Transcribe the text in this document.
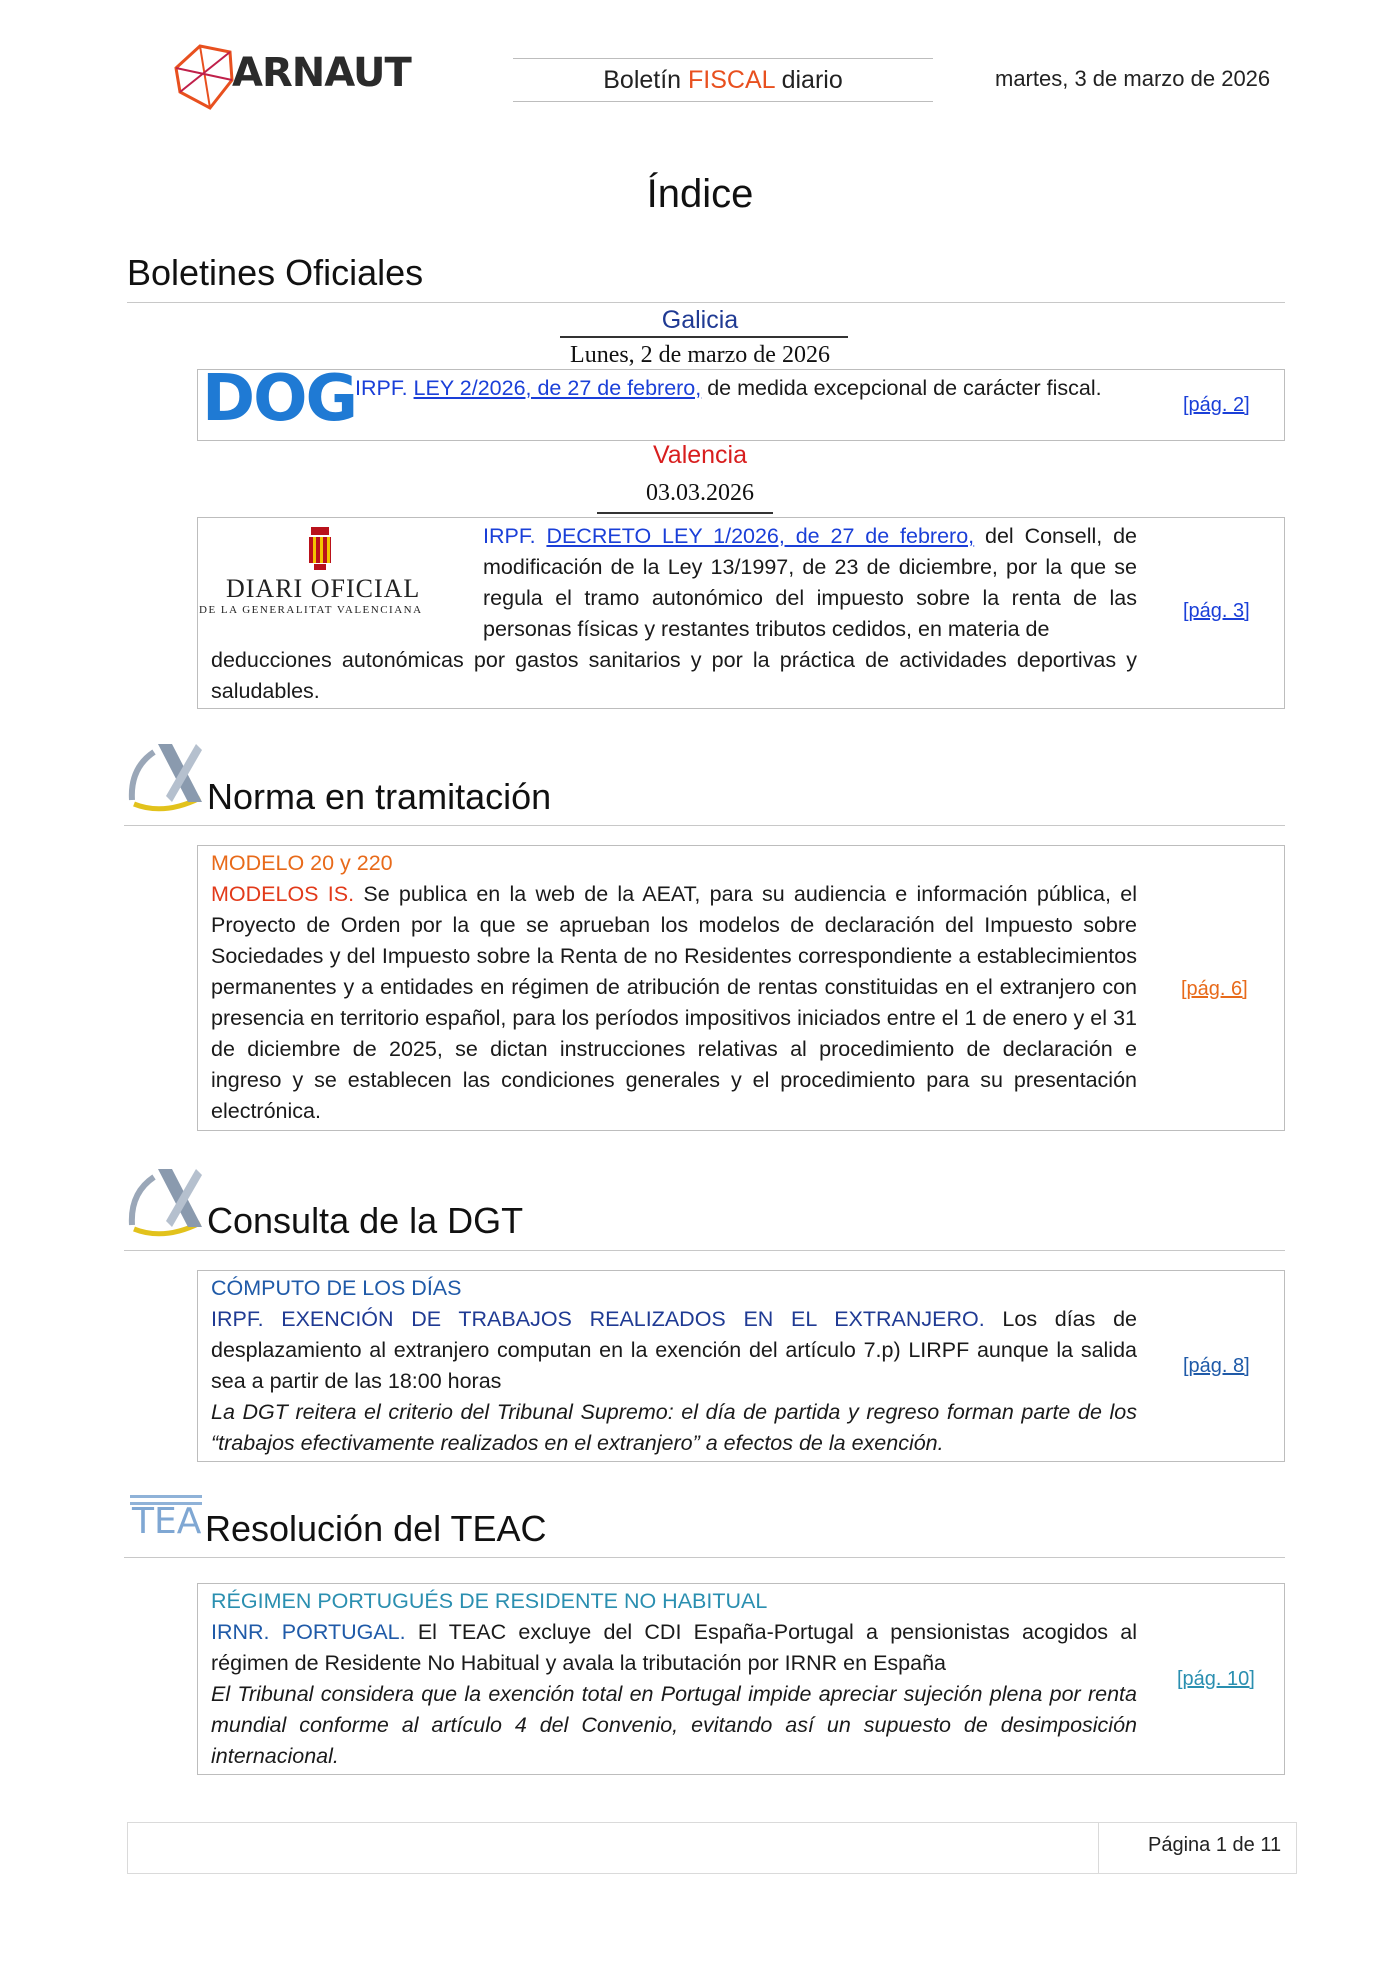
ARNAUT	Boletín FISCAL diario	martes, 3 de marzo de 2026
Índice
Boletines Oficiales
Galicia
Lunes, 2 de marzo de 2026
DOG
IRPF. LEY 2/2026, de 27 de febrero, de medida excepcional de carácter fiscal.
[pág. 2]
Valencia
03.03.2026
DIARI OFICIAL
DE LA GENERALITAT VALENCIANA
IRPF. DECRETO LEY 1/2026, de 27 de febrero, del Consell, de modificación de la Ley 13/1997, de 23 de diciembre, por la que se regula el tramo autonómico del impuesto sobre la renta de las personas físicas y restantes tributos cedidos, en materia de
deducciones autonómicas por gastos sanitarios y por la práctica de actividades deportivas y saludables.
[pág. 3]
Norma en tramitación
MODELO 20 y 220
MODELOS IS. Se publica en la web de la AEAT, para su audiencia e información pública, el Proyecto de Orden por la que se aprueban los modelos de declaración del Impuesto sobre Sociedades y del Impuesto sobre la Renta de no Residentes correspondiente a establecimientos permanentes y a entidades en régimen de atribución de rentas constituidas en el extranjero con presencia en territorio español, para los períodos impositivos iniciados entre el 1 de enero y el 31 de diciembre de 2025, se dictan instrucciones relativas al procedimiento de declaración e ingreso y se establecen las condiciones generales y el procedimiento para su presentación electrónica.
[pág. 6]
Consulta de la DGT
CÓMPUTO DE LOS DÍAS
IRPF. EXENCIÓN DE TRABAJOS REALIZADOS EN EL EXTRANJERO. Los días de desplazamiento al extranjero computan en la exención del artículo 7.p) LIRPF aunque la salida sea a partir de las 18:00 horas
La DGT reitera el criterio del Tribunal Supremo: el día de partida y regreso forman parte de los “trabajos efectivamente realizados en el extranjero” a efectos de la exención.
[pág. 8]
TEA Resolución del TEAC
RÉGIMEN PORTUGUÉS DE RESIDENTE NO HABITUAL
IRNR. PORTUGAL. El TEAC excluye del CDI España-Portugal a pensionistas acogidos al régimen de Residente No Habitual y avala la tributación por IRNR en España
El Tribunal considera que la exención total en Portugal impide apreciar sujeción plena por renta mundial conforme al artículo 4 del Convenio, evitando así un supuesto de desimposición internacional.
[pág. 10]
Página 1 de 11
